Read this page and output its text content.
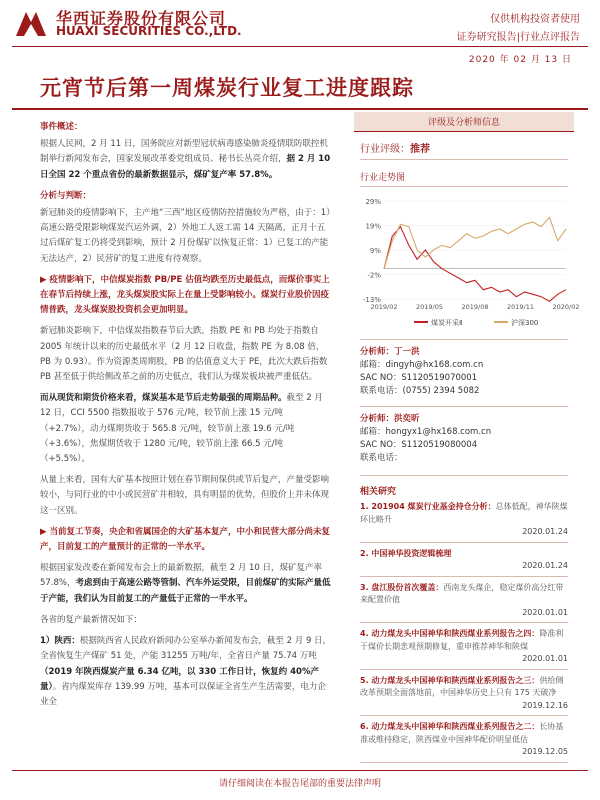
华西证券股份有限公司
HUAXI SECURITIES CO.,LTD.
仅供机构投资者使用
证券研究报告|行业点评报告
2020 年 02 月 13 日
元宵节后第一周煤炭行业复工进度跟踪
事件概述：

根据人民网，2 月 11 日，国务院应对新型冠状病毒感染肺炎疫情联防联控机制举行新闻发布会，国家发展改革委党组成员、秘书长丛亮介绍，据 2 月 10 日全国 22 个重点省份的最新数据显示，煤矿复产率 57.8%。

分析与判断：

新冠肺炎的疫情影响下，主产地“三西”地区疫情防控措施较为严格，由于：1）高速公路受限影响煤炭汽运外调，2）外地工人返工需 14 天隔离，正月十五过后煤矿复工仍将受到影响，预计 2 月份煤矿以恢复正常：1）已复工的产能无法达产，2）民营矿的复工进度有待观察。

▶ 疫情影响下，中信煤炭指数 PB/PE 估值均跌至历史最低点，而煤价事实上在春节后持续上涨，龙头煤炭股实际上在量上受影响较小。煤炭行业股价因疫情普跌，龙头煤炭股投资机会更加明显。

新冠肺炎影响下，中信煤炭指数春节后大跌，指数 PE 和 PB 均处于指数自 2005 年统计以来的历史最低水平（2 月 12 日收盘，指数 PE 为 8.08 倍，PB 为 0.93）。作为资源类周期股，PB 的估值意义大于 PE，此次大跌后指数 PB 甚至低于供给侧改革之前的历史低点，我们认为煤炭板块被严重低估。

而从现货和期货价格来看，煤炭基本是节后走势最强的周期品种。截至 2 月 12 日，CCI 5500 指数报收于 576 元/吨，较节前上涨 15 元/吨（+2.7%），动力煤期货收于 565.8 元/吨，较节前上涨 19.6 元/吨（+3.6%），焦煤期货收于 1280 元/吨，较节前上涨 66.5 元/吨（+5.5%）。

从量上来看，国有大矿基本按照计划在春节期间保供或节后复产，产量受影响较小，与同行业的中小或民营矿井相较，具有明显的优势，但股价上并未体现这一区别。

▶ 当前复工节奏，央企和省属国企的大矿基本复产，中小和民营大部分尚未复产，目前复工的产量预计的正常的一半水平。

根据国家发改委在新闻发布会上的最新数据，截至 2 月 10 日，煤矿复产率 57.8%，考虑到由于高速公路等管制、汽车外运受限，目前煤矿的实际产量低于产能，我们认为目前复工的产量低于正常的一半水平。

各省的复产最新情况如下：

1）陕西：根据陕西省人民政府新闻办公室举办新闻发布会，截至 2 月 9 日，全省恢复生产煤矿 51 处，产能 31255 万吨/年，全省日产量 75.74 万吨（2019 年陕西煤炭产量 6.34 亿吨，以 330 工作日计，恢复约 40%产量）。省内煤炭库存 139.99 万吨，基本可以保证全省生产生活需要，电力企业全

评级及分析师信息
行业评级：推荐
行业走势图
29%
19%
9%
-2%
-13%
2019/02	2019/05	2019/08	2019/11	2020/02
煤炭开采Ⅱ	沪深300
分析师：丁一洪
邮箱：dingyh@hx168.com.cn
SAC NO：S1120519070001
联系电话：(0755) 2394 5082
分析师：洪奕昕
邮箱：hongyx1@hx168.com.cn
SAC NO：S1120519080004
联系电话：
相关研究
1. 201904 煤炭行业基金持仓分析：总体低配，神华陕煤环比略升
2020.01.24
2. 中国神华投资逻辑梳理
2020.01.24
3. 盘江股份首次覆盖：西南龙头煤企，稳定煤价高分红带来配置价值
2020.01.01
4. 动力煤龙头中国神华和陕西煤业系列报告之四：降准利于煤价长期悲观预期修复，重申推荐神华和陕煤
2020.01.01
5. 动力煤龙头中国神华和陕西煤业系列报告之三：供给侧改革预期全面落地前，中国神华历史上只有 175 天破净
2019.12.16
6. 动力煤龙头中国神华和陕西煤业系列报告之二：长协基准或维持稳定，陕西煤业中国神华配价明显低估
2019.12.05
请仔细阅读在本报告尾部的重要法律声明
